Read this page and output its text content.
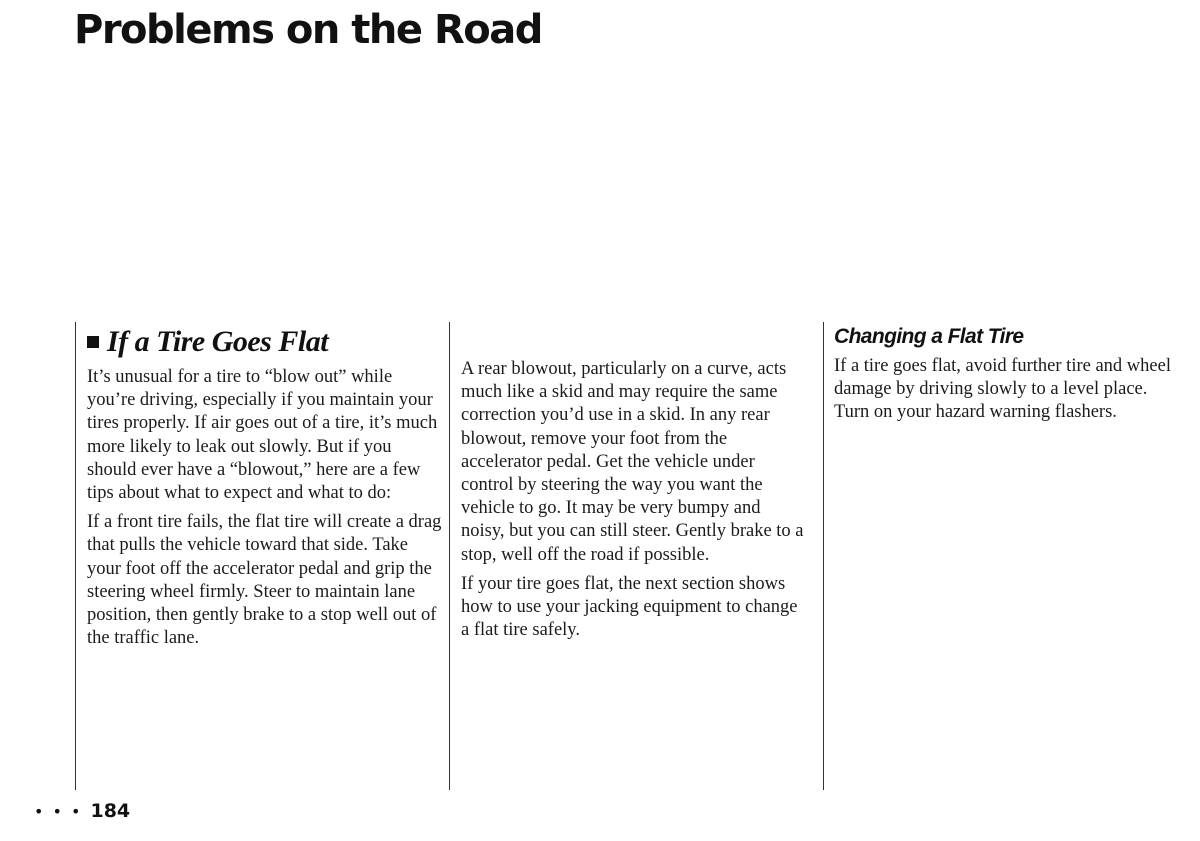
Problems on the Road
If a Tire Goes Flat

It’s unusual for a tire to “blow out” while you’re driving, especially if you maintain your tires properly. If air goes out of a tire, it’s much more likely to leak out slowly. But if you should ever have a “blowout,” here are a few tips about what to expect and what to do:

If a front tire fails, the flat tire will create a drag that pulls the vehicle toward that side. Take your foot off the accelerator pedal and grip the steering wheel firmly. Steer to maintain lane position, then gently brake to a stop well out of the traffic lane.

A rear blowout, particularly on a curve, acts much like a skid and may require the same correction you’d use in a skid. In any rear blowout, remove your foot from the accelerator pedal. Get the vehicle under control by steering the way you want the vehicle to go. It may be very bumpy and noisy, but you can still steer. Gently brake to a stop, well off the road if possible.

If your tire goes flat, the next section shows how to use your jacking equipment to change a flat tire safely.

Changing a Flat Tire

If a tire goes flat, avoid further tire and wheel damage by driving slowly to a level place. Turn on your hazard warning flashers.

• • • 184
